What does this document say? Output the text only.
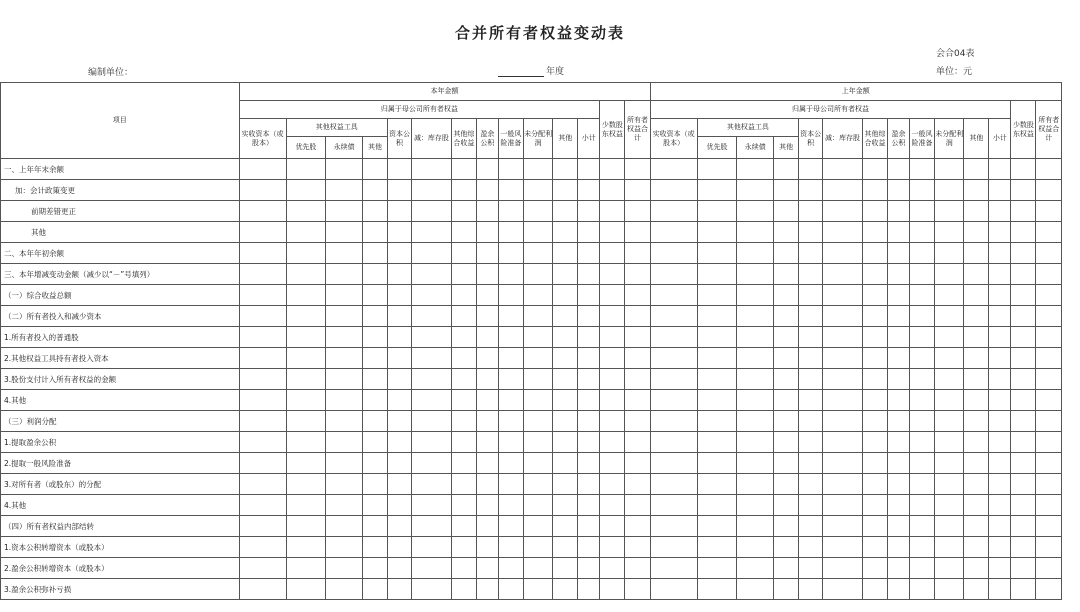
合并所有者权益变动表
会合04表
编制单位：	年度	单位：元
项目	本年金额														上年金额													
	归属于母公司所有者权益												少数股东权益	所有者权益合计	归属于母公司所有者权益												少数股东权益	所有者权益合计
	实收资本（或股本）	其他权益工具			资本公积	减：库存股	其他综合收益	盈余公积	一般风险准备	未分配利润	其他	小计			实收资本（或股本）	其他权益工具			资本公积	减：库存股	其他综合收益	盈余公积	一般风险准备	未分配利润	其他	小计		
		优先股	永续债	其他												优先股	永续债	其他										
一、上年年末余额																												
加：会计政策变更																												
前期差错更正																												
其他																												
二、本年年初余额																												
三、本年增减变动金额（减少以“－”号填列）																												
（一）综合收益总额																												
（二）所有者投入和减少资本																												
1.所有者投入的普通股																												
2.其他权益工具持有者投入资本																												
3.股份支付计入所有者权益的金额																												
4.其他																												
（三）利润分配																												
1.提取盈余公积																												
2.提取一般风险准备																												
3.对所有者（或股东）的分配																												
4.其他																												
（四）所有者权益内部结转																												
1.资本公积转增资本（或股本）																												
2.盈余公积转增资本（或股本）																												
3.盈余公积弥补亏损																												
